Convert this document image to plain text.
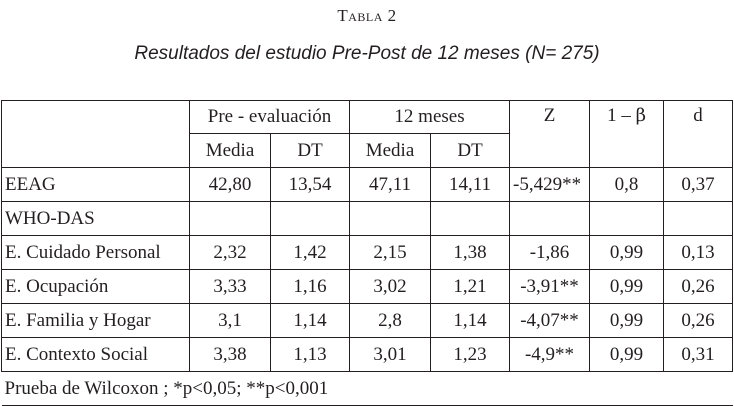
Tabla 2
Resultados del estudio Pre-Post de 12 meses (N= 275)
	Pre - evaluación		12 meses		Z	1 – β	d
	Media	DT	Media	DT			
EEAG	42,80	13,54	47,11	14,11	-5,429**	0,8	0,37
WHO-DAS							
E. Cuidado Personal	2,32	1,42	2,15	1,38	-1,86	0,99	0,13
E. Ocupación	3,33	1,16	3,02	1,21	-3,91**	0,99	0,26
E. Familia y Hogar	3,1	1,14	2,8	1,14	-4,07**	0,99	0,26
E. Contexto Social	3,38	1,13	3,01	1,23	-4,9**	0,99	0,31
Prueba de Wilcoxon ; *p<0,05; **p<0,001							
